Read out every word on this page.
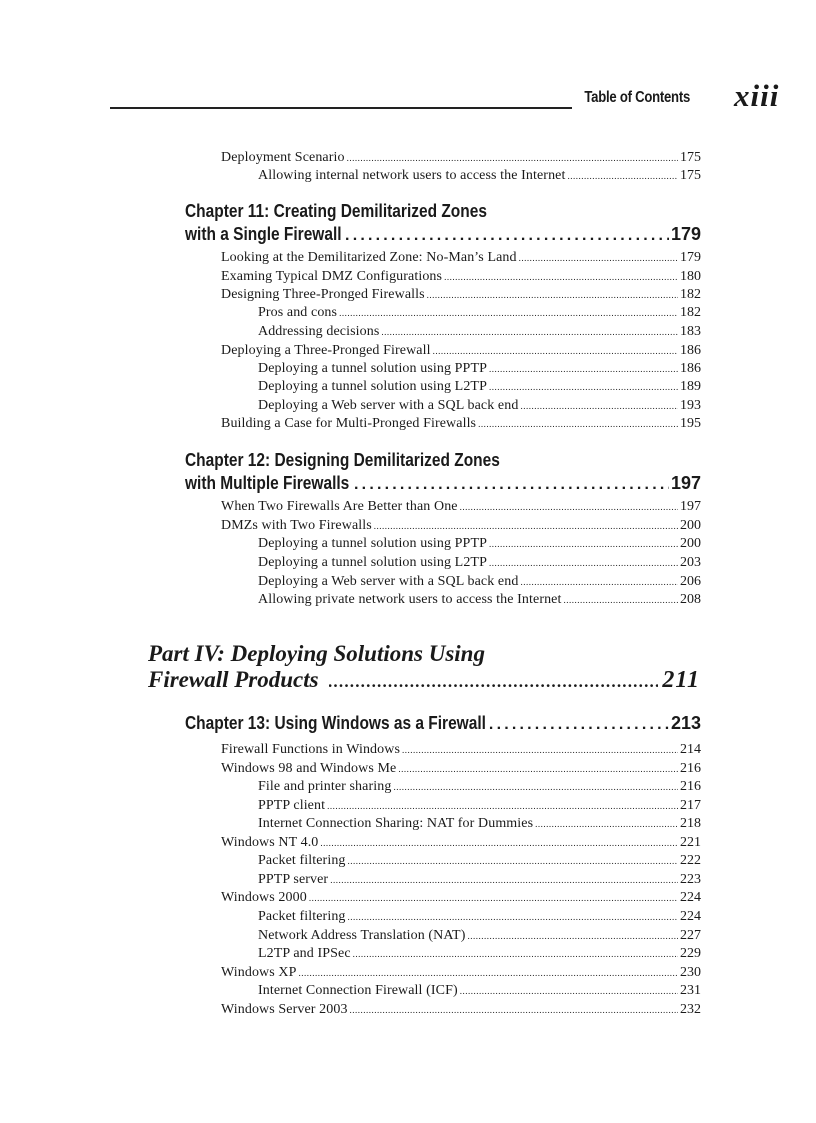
Table of Contents xiii
Deployment Scenario .....	175
Allowing internal network users to access the Internet .....	175
Chapter 11: Creating Demilitarized Zones
with a Single Firewall .....	179
Looking at the Demilitarized Zone: No-Man’s Land .....	179
Examing Typical DMZ Configurations .....	180
Designing Three-Pronged Firewalls .....	182
Pros and cons .....	182
Addressing decisions .....	183
Deploying a Three-Pronged Firewall .....	186
Deploying a tunnel solution using PPTP .....	186
Deploying a tunnel solution using L2TP .....	189
Deploying a Web server with a SQL back end .....	193
Building a Case for Multi-Pronged Firewalls .....	195
Chapter 12: Designing Demilitarized Zones
with Multiple Firewalls .....	197
When Two Firewalls Are Better than One .....	197
DMZs with Two Firewalls .....	200
Deploying a tunnel solution using PPTP .....	200
Deploying a tunnel solution using L2TP .....	203
Deploying a Web server with a SQL back end .....	206
Allowing private network users to access the Internet .....	208
Part IV: Deploying Solutions Using
Firewall Products .....	211
Chapter 13: Using Windows as a Firewall .....	213
Firewall Functions in Windows .....	214
Windows 98 and Windows Me .....	216
File and printer sharing .....	216
PPTP client .....	217
Internet Connection Sharing: NAT for Dummies .....	218
Windows NT 4.0 .....	221
Packet filtering .....	222
PPTP server .....	223
Windows 2000 .....	224
Packet filtering .....	224
Network Address Translation (NAT) .....	227
L2TP and IPSec .....	229
Windows XP .....	230
Internet Connection Firewall (ICF) .....	231
Windows Server 2003 .....	232
